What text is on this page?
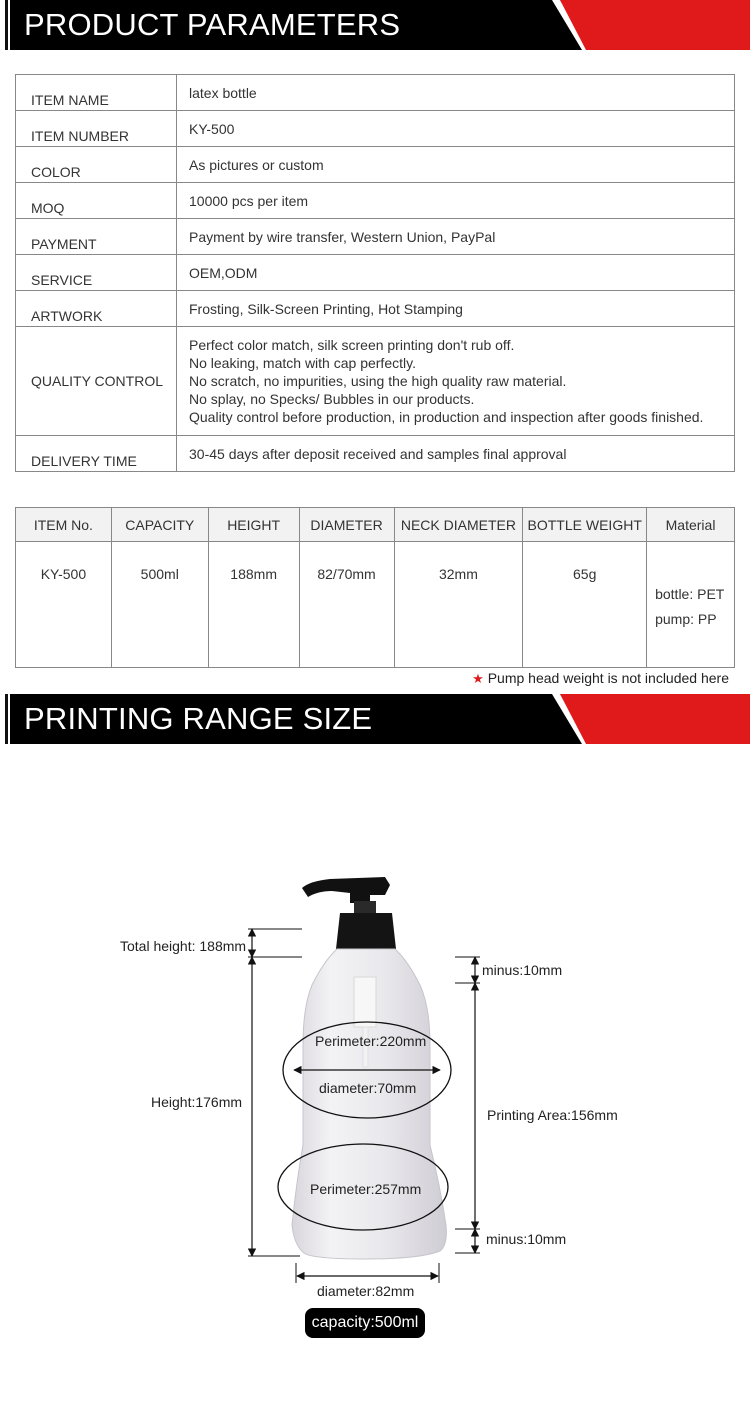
PRODUCT PARAMETERS
ITEM NAME	latex bottle
ITEM NUMBER	KY-500
COLOR	As pictures or custom
MOQ	10000 pcs per item
PAYMENT	Payment by wire transfer, Western Union, PayPal
SERVICE	OEM,ODM
ARTWORK	Frosting, Silk-Screen Printing, Hot Stamping
QUALITY CONTROL	Perfect color match, silk screen printing don't rub off.
No leaking, match with cap perfectly.
No scratch, no impurities, using the high quality raw material.
No splay, no Specks/ Bubbles in our products.
Quality control before production, in production and inspection after goods finished.

DELIVERY TIME	30-45 days after deposit received and samples final approval
ITEM No.	CAPACITY	HEIGHT	DIAMETER	NECK DIAMETER	BOTTLE WEIGHT	Material
KY-500	500ml	188mm	82/70mm	32mm	65g	bottle: PET
pump: PP
★ Pump head weight is not included here
PRINTING RANGE SIZE
Total height: 188mm
Height:176mm
minus:10mm
Printing Area:156mm
minus:10mm
Perimeter:220mm
diameter:70mm
Perimeter:257mm
diameter:82mm
capacity:500ml
